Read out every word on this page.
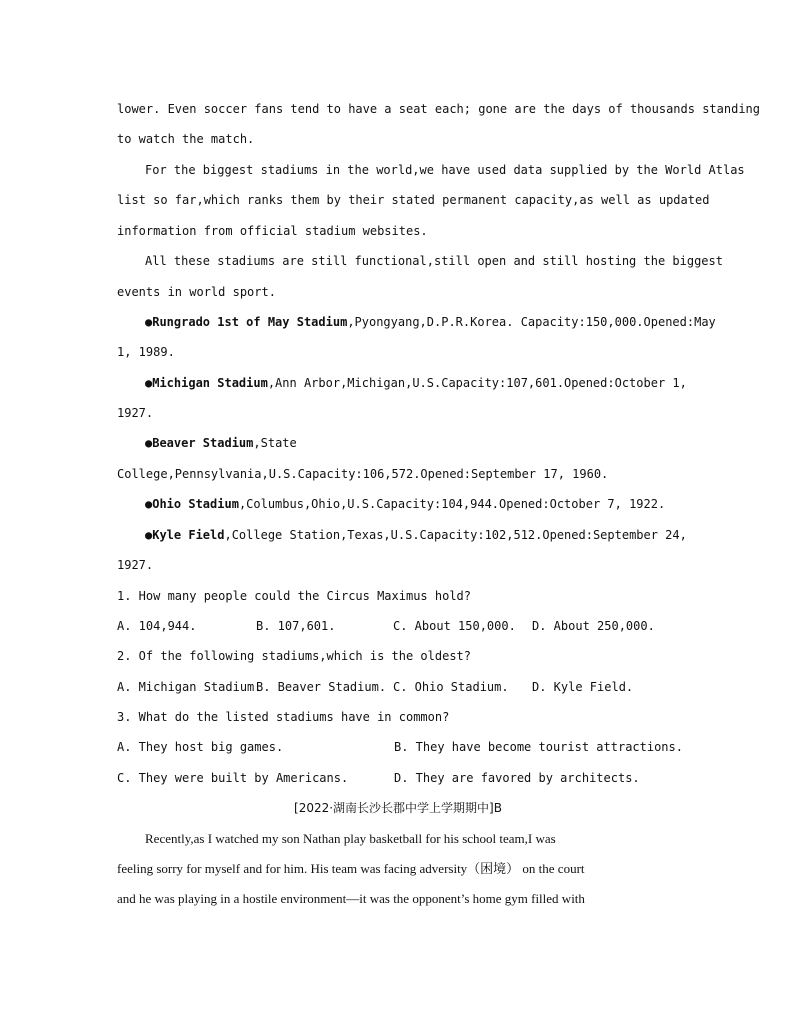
lower. Even soccer fans tend to have a seat each; gone are the days of thousands standing
to watch the match.
For the biggest stadiums in the world,we have used data supplied by the World Atlas
list so far,which ranks them by their stated permanent capacity,as well as updated
information from official stadium websites.
All these stadiums are still functional,still open and still hosting the biggest
events in world sport.
●Rungrado 1st of May Stadium,Pyongyang,D.P.R.Korea. Capacity:150,000.Opened:May
1, 1989.
●Michigan Stadium,Ann Arbor,Michigan,U.S.Capacity:107,601.Opened:October 1,
1927.
●Beaver Stadium,State
College,Pennsylvania,U.S.Capacity:106,572.Opened:September 17, 1960.
●Ohio Stadium,Columbus,Ohio,U.S.Capacity:104,944.Opened:October 7, 1922.
●Kyle Field,College Station,Texas,U.S.Capacity:102,512.Opened:September 24,
1927.
1. How many people could the Circus Maximus hold?
A. 104,944.	B. 107,601.	C. About 150,000. D. About 250,000.
2. Of the following stadiums,which is the oldest?
A. Michigan Stadium.
B. Beaver Stadium. C. Ohio Stadium. D. Kyle Field.
3. What do the listed stadiums have in common?
A. They host big games.	B. They have become tourist attractions.
C. They were built by Americans.	D. They are favored by architects.
[2022·湖南长沙长郡中学上学期期中]B
Recently,as I watched my son Nathan play basketball for his school team,I was
feeling sorry for myself and for him. His team was facing adversity（困境） on the court
and he was playing in a hostile environment—it was the opponent’s home gym filled with
